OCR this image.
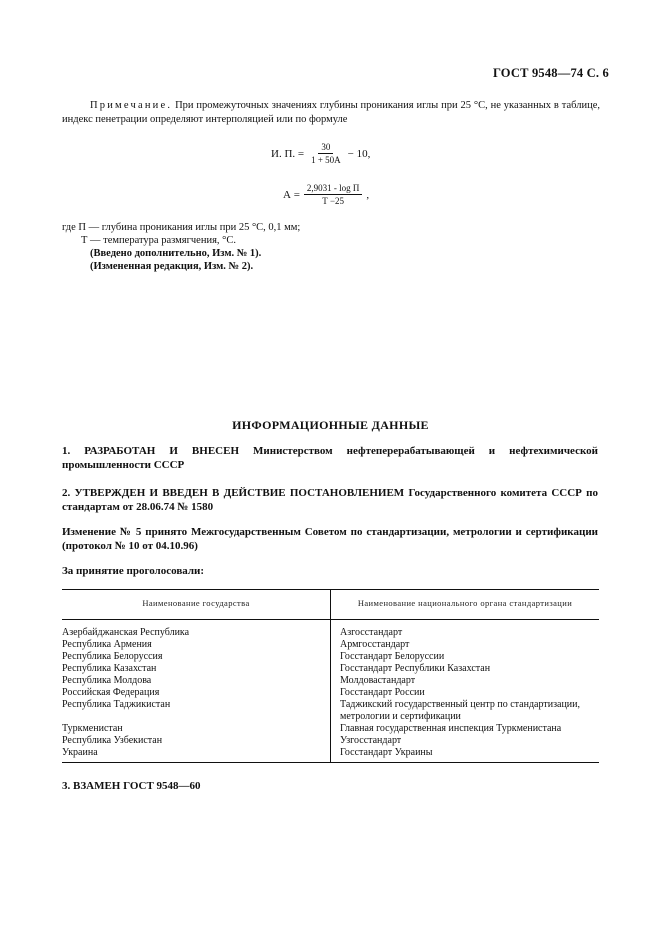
ГОСТ 9548—74 С. 6
Примечание. При промежуточных значениях глубины проникания иглы при 25 °С, не указанных в таблице, индекс пенетрации определяют интерполяцией или по формуле
И. П. = $\frac{30}{1 + 50А} - 10$,
$А = \frac{\text{2,9031 - log П}}{Т -25}$ ,
где П — глубина проникания иглы при 25 °С, 0,1 мм;
Т — температура размягчения, °С.
(Введено дополнительно, Изм. № 1).
(Измененная редакция, Изм. № 2).
ИНФОРМАЦИОННЫЕ ДАННЫЕ
1. РАЗРАБОТАН И ВНЕСЕН Министерством нефтеперерабатывающей и нефтехимической промышленности СССР
2. УТВЕРЖДЕН И ВВЕДЕН В ДЕЙСТВИЕ ПОСТАНОВЛЕНИЕМ Государственного комитета СССР по стандартам от 28.06.74 № 1580
Изменение № 5 принято Межгосударственным Советом по стандартизации, метрологии и сертификации (протокол № 10 от 04.10.96)
За принятие проголосовали:
Наименование государства	Наименование национального органа стандартизации
Азербайджанская Республика
Республика Армения
Республика Белоруссия
Республика Казахстан
Республика Молдова
Российская Федерация
Республика Таджикистан
Туркменистан
Республика Узбекистан
Украина
Азгосстандарт
Армгосстандарт
Госстандарт Белоруссии
Госстандарт Республики Казахстан
Молдовастандарт
Госстандарт России
Таджикский государственный центр по стандартизации, метрологии и сертификации
Главная государственная инспекция Туркменистана
Узгосстандарт
Госстандарт Украины
3. ВЗАМЕН ГОСТ 9548—60
